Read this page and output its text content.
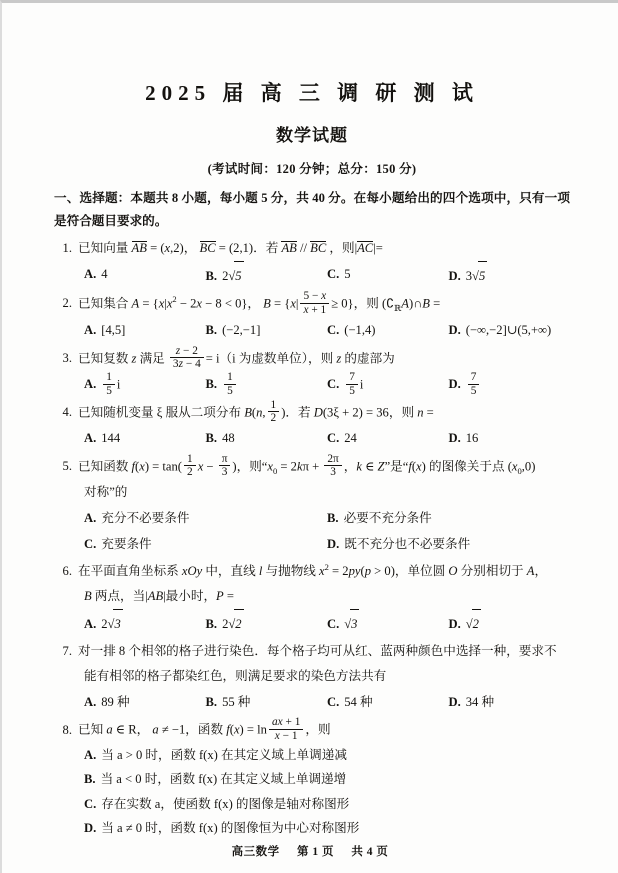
2025 届 高 三 调 研 测 试
数学试题
(考试时间：120 分钟；总分：150 分)
一、选择题：本题共 8 小题，每小题 5 分，共 40 分。在每小题给出的四个选项中，只有一项是符合题目要求的。
1. 已知向量 AB = (x,2)， BC = (2,1)．若 AB // BC ，则|AC|=
A. 4	B. 2√5	C. 5	D. 3√5
2. 已知集合 $A = \{x|x^2 - 2x - 8 < 0\}$， $B = \{x| \frac{5 - x}{x + 1} \ge 0\}$，则 $(∁_ℝA)\cap B$ =
A. [4,5]	B. (−2,−1]	C. (−1,4)	D. (−∞,−2]∪(5,+∞)
3. 已知复数 z 满足 $\frac{z - 2}{3z - 4} = i(i$ 为虚数单位），则 z 的虚部为
A. $\frac{1}{5}$ i	B. $\frac{1}{5}$	C. $\frac{7}{5}$ i	D. $\frac{7}{5}$
4. 已知随机变量 ξ 服从二项分布 B(n, $\frac{1}{2}$ )．若 D(3ξ + 2) = 36，则 n =
A. 144	B. 48	C. 24	D. 16
5. 已知函数 $f(x) = \tan( \frac{1}{2}$ $x - \frac{\pi}{3}$ )，则“$x_0 = 2k\pi + \frac{2\pi}{3}$ ，k ∈ Z”是“f(x) 的图像关于点 $(x_0,0)$
对称”的
A. 充分不必要条件	B. 必要不充分条件
C. 充要条件	D. 既不充分也不必要条件
6. 在平面直角坐标系 xOy 中，直线 l 与抛物线 $x^2 = 2py(p > 0)$，单位圆 O 分别相切于 A，
B 两点，当|AB|最小时，P =
A. 2√3	B. 2√2	C. √3	D. √2
7. 对一排 8 个相邻的格子进行染色．每个格子均可从红、蓝两种颜色中选择一种，要求不
能有相邻的格子都染红色，则满足要求的染色方法共有
A. 89 种	B. 55 种	C. 54 种	D. 34 种
8. 已知 a ∈ R， a ≠ −1，函数 $f(x) = \ln \frac{ax + 1}{x - 1}$ ，则
A. 当 a > 0 时，函数 f(x) 在其定义域上单调递减
B. 当 a < 0 时，函数 f(x) 在其定义域上单调递增
C. 存在实数 a，使函数 f(x) 的图像是轴对称图形
D. 当 a ≠ 0 时，函数 f(x) 的图像恒为中心对称图形
高三数学 第 1 页 共 4 页
